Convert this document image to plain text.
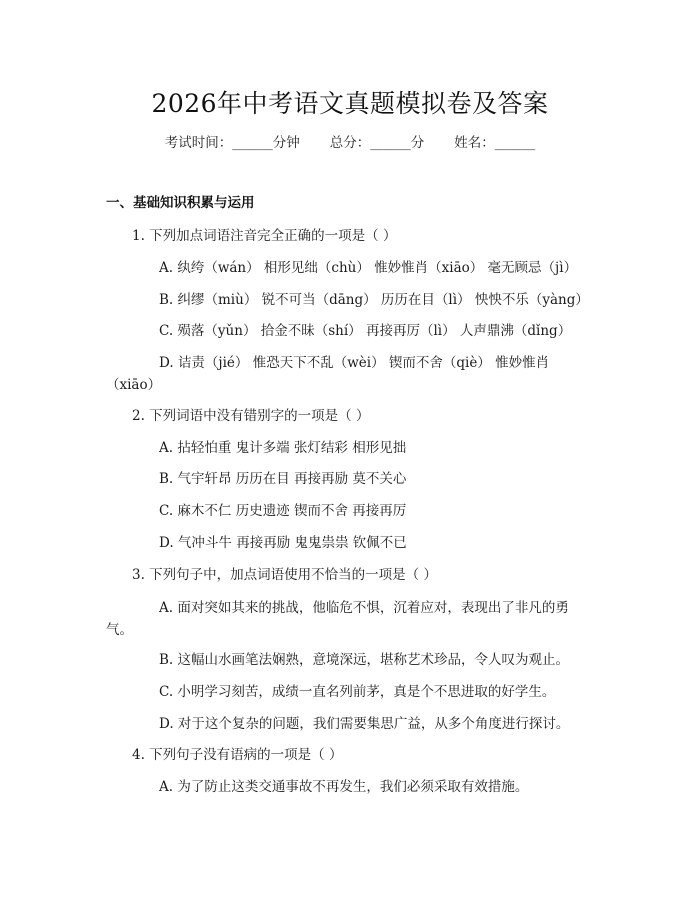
2026年中考语文真题模拟卷及答案
考试时间：______分钟 总分：______分 姓名：______
一、基础知识积累与运用
1. 下列加点词语注音完全正确的一项是（ ）
A. 纨绔（wán） 相形见绌（chù） 惟妙惟肖（xiāo） 毫无顾忌（jì）
B. 纠缪（miù） 锐不可当（dāng） 历历在目（lì） 怏怏不乐（yàng）
C. 殒落（yǔn） 拾金不昧（shí） 再接再厉（lì） 人声鼎沸（dǐng）
D. 诘责（jié） 惟恐天下不乱（wèi） 锲而不舍（qiè） 惟妙惟肖
（xiāo）
2. 下列词语中没有错别字的一项是（ ）
A. 拈轻怕重 鬼计多端 张灯结彩 相形见拙
B. 气宇轩昂 历历在目 再接再励 莫不关心
C. 麻木不仁 历史遗迹 锲而不舍 再接再厉
D. 气冲斗牛 再接再励 鬼鬼祟祟 钦佩不已
3. 下列句子中，加点词语使用不恰当的一项是（ ）
A. 面对突如其来的挑战，他临危不惧，沉着应对，表现出了非凡的勇
气。
B. 这幅山水画笔法娴熟，意境深远，堪称艺术珍品，令人叹为观止。
C. 小明学习刻苦，成绩一直名列前茅，真是个不思进取的好学生。
D. 对于这个复杂的问题，我们需要集思广益，从多个角度进行探讨。
4. 下列句子没有语病的一项是（ ）
A. 为了防止这类交通事故不再发生，我们必须采取有效措施。
